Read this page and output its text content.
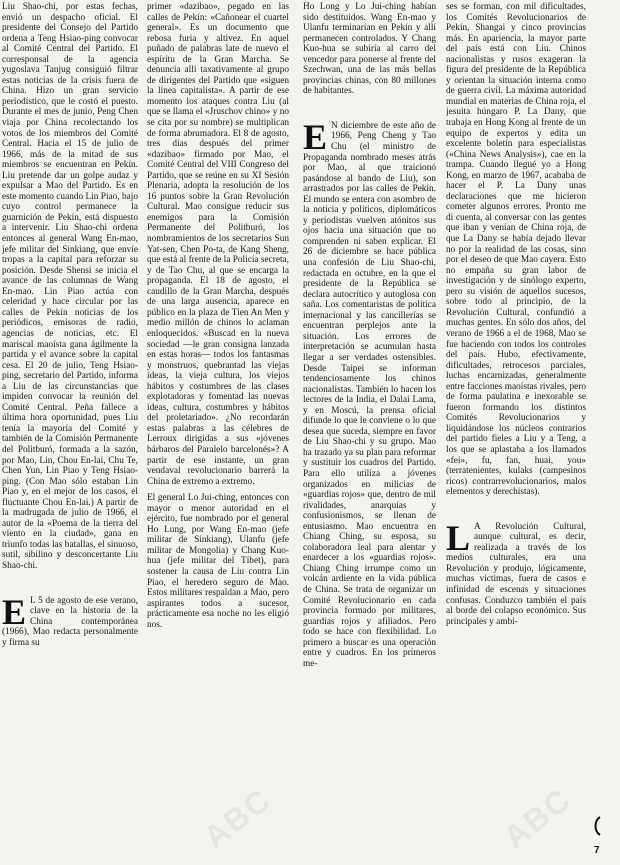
Liu Shao-chi, por estas fechas, envió un despacho oficial. El presidente del Consejo del Partido ordena a Teng Hsiao-ping convocar al Comité Central del Partido. El corresponsal de la agencia yugoslava Tanjug consiguió filtrar estas noticias de la crisis fuera de China. Hizo un gran servicio periodístico, que le costó el puesto. Durante el mes de junio, Peng Chen viaja por China recolectando los votos de los miembros del Comité Central. Hacia el 15 de julio de 1966, más de la mitad de sus miembros se encuentran en Pekín. Liu pretende dar un golpe audaz y expulsar a Mao del Partido. Es en este momento cuando Lin Piao, bajo cuyo control permanece la guarnición de Pekín, está dispuesto a intervenir. Liu Shao-chi ordena entonces al general Wang En-mao, jefe militar del Sinkiang, que envíe tropas a la capital para reforzar su posición. Desde Shensi se inicia el avance de las columnas de Wang En-mao. Lin Piao actúa con celeridad y hace circular por las calles de Pekín noticias de los periódicos, emisoras de radio, agencias de noticias, etc. El mariscal maoísta gana ágilmente la partida y el avance sobre la capital cesa. El 20 de julio, Teng Hsiao-ping, secretario del Partido, informa a Liu de las circunstancias que impiden convocar la reunión del Comité Central. Peña fallece a última hora oportunidad, pues Liu tenía la mayoría del Comité y también de la Comisión Permanente del Politburó, formada a la sazón, por Mao, Lin, Chou En-lai, Chu Te, Chen Yun, Lin Piao y Teng Hsiao-ping. (Con Mao sólo estaban Lin Piao y, en el mejor de los casos, el fluctuante Chou En-lai.) A partir de la madrugada de julio de 1966, el autor de la «Poema de la tierra del viento en la ciudad», gana en triunfo todas las batallas, el sinuoso, sutil, sibilino y desconcertante Liu Shao-chi.

E L 5 de agosto de ese verano, clave en la historia de la China contemporánea (1966), Mao redacta personalmente y firma su

primer «dazibao», pegado en las calles de Pekín: «Cañonear el cuartel general». Es un documento que rebosa furia y altivez. En aquel puñado de palabras late de nuevo el espíritu de la Gran Marcha. Se denuncia allí taxativamente al grupo de dirigentes del Partido que «siguen la línea capitalista». A partir de ese momento los ataques contra Liu (al que se llama el «Jruschov chino» y no se cita por su nombre) se multiplican de forma abrumadora. El 8 de agosto, tres días después del primer «dazibao» firmado por Mao, el Comité Central del VIII Congreso del Partido, que se reúne en su XI Sesión Plenaria, adopta la resolución de los 16 puntos sobre la Gran Revolución Cultural. Mao consigue reducir sus enemigos para la Comisión Permanente del Politburó, los nombramientos de los secretarios Sun Yat-sen, Chen Po-ta, de Kang Sheng, que está al frente de la Policía secreta, y de Tao Chu, al que se encarga la propaganda. El 18 de agosto, el caudillo de la Gran Marcha, después de una larga ausencia, aparece en público en la plaza de Tien An Men y medio millón de chinos lo aclaman enloquecidos. «Buscad en la nueva sociedad —le gran consigna lanzada en estas horas— todos los fantasmas y monstruos, quebrantad las viejas ideas, la vieja cultura, los viejos hábitos y costumbres de las clases explotadoras y fomentad las nuevas ideas, cultura, costumbres y hábitos del proletariado». ¿No recordarán estas palabras a las célebres de Lerroux dirigidas a sus «jóvenes bárbaros del Paralelo barcelonés»? A partir de ese instante, un gran vendaval revolucionario barrerá la China de extremo a extremo.

El general Lo Jui-ching, entonces con mayor o menor autoridad en el ejército, fue nombrado por el general Ho Lung, por Wang En-mao (jefe militar de Sinkiang), Ulanfu (jefe militar de Mongolia) y Chang Kuo-hua (jefe militar del Tíbet), para sostener la causa de Liu contra Lin Piao, el heredero seguro de Mao. Estos militares respaldan a Mao, pero aspirantes todos a sucesor, prácticamente esa noche no les eligió nos.

Ho Long y Lo Jui-ching habían sido destituidos. Wang En-mao y Ulanfu terminarían en Pekín y allí permanecen controlados. Y Chang Kuo-hua se subiría al carro del vencedor para ponerse al frente del Szechwan, una de las más bellas provincias chinas, con 80 millones de habitantes.

E N diciembre de este año de 1966, Peng Cheng y Tao Chu (el ministro de Propaganda nombrado meses atrás por Mao, al que traicionó pasándose al bando de Liu), son arrastrados por las calles de Pekín. El mundo se entera con asombro de la noticia y políticos, diplomáticos y periodistas vuelven atónitos sus ojos hacia una situación que no comprenden ni saben explicar. El 26 de diciembre se hace pública una confesión de Liu Shao-chi, redactada en octubre, en la que el presidente de la República se declara autocrítico y autoglosa con saña. Los comentaristas de política internacional y las cancillerías se encuentran perplejos ante la situación. Los errores de interpretación se acumulan hasta llegar a ser verdades ostensibles. Desde Taipei se informan tendenciosamente los chinos nacionalistas. También lo hacen los lectores de la India, el Dalai Lama, y en Moscú, la prensa oficial difunde lo que le conviene o lo que desea que suceda, siempre en favor de Liu Shao-chi y su grupo. Mao ha trazado ya su plan para reformar y sustituir los cuadros del Partido. Para ello utiliza a jóvenes organizados en milicias de «guardias rojos» que, dentro de mil rivalidades, anarquías y confusionismos, se llenan de entusiasmo. Mao encuentra en Chiang Ching, su esposa, su colaboradora leal para alentar y enardecer a los «guardias rojos». Chiang Ching irrumpe como un volcán ardiente en la vida pública de China. Se trata de organizar un Comité Revolucionario en cada provincia formado por militares, guardias rojos y afiliados. Pero todo se hace con flexibilidad. Lo primero a buscar es una operación entre y cuadros. En los primeros me-

ses se forman, con mil dificultades, los Comités Revolucionarios de Pekín, Shangai y cinco provincias más. En apariencia, la mayor parte del país está con Liu. Chinos nacionalistas y rusos exageran la figura del presidente de la República y orientan la situación interna como de guerra civil. La máxima autoridad mundial en materias de China roja, el jesuita húngaro P. La Dany, que trabaja en Hong Kong al frente de un equipo de expertos y edita un excelente boletín para especialistas («China News Analysis»), cae en la trampa. Cuando llegué yo a Hong Kong, en marzo de 1967, acababa de hacer el P. La Dany unas declaraciones que me hicieron cometer algunos errores. Pronto me di cuenta, al conversar con las gentes que iban y venían de China roja, de que La Dany se había dejado llevar no por la realidad de las cosas, sino por el deseo de que Mao cayera. Esto no empaña su gran labor de investigación y de sinólogo experto, pero su visión de aquellos sucesos, sobre todo al principio, de la Revolución Cultural, confundió a muchas gentes. En sólo dos años, del verano de 1966 a el de 1968, Mao se fue haciendo con todos los controles del país. Hubo, efectivamente, dificultades, retrocesos parciales, luchas encarnizadas, generalmente entre facciones maoístas rivales, pero de forma paulatina e inexorable se fueron formando los distintos Comités Revolucionarios y liquidándose los núcleos contrarios del partido fieles a Liu y a Teng, a los que se aplastaba a los llamados «fei», fu, fan, huai, you» (terratenientes, kulaks (campesinos ricos) contrarrevolucionarios, malos elementos y derechistas).

L A Revolución Cultural, aunque cultural, es decir, realizada a través de los medios culturales, era una Revolución y produjo, lógicamente, muchas víctimas, fuera de casos e infinidad de escenas y situaciones confusas. Conduzco también el país al borde del colapso económico. Sus principales y ambi-

ABC	ABC 7
